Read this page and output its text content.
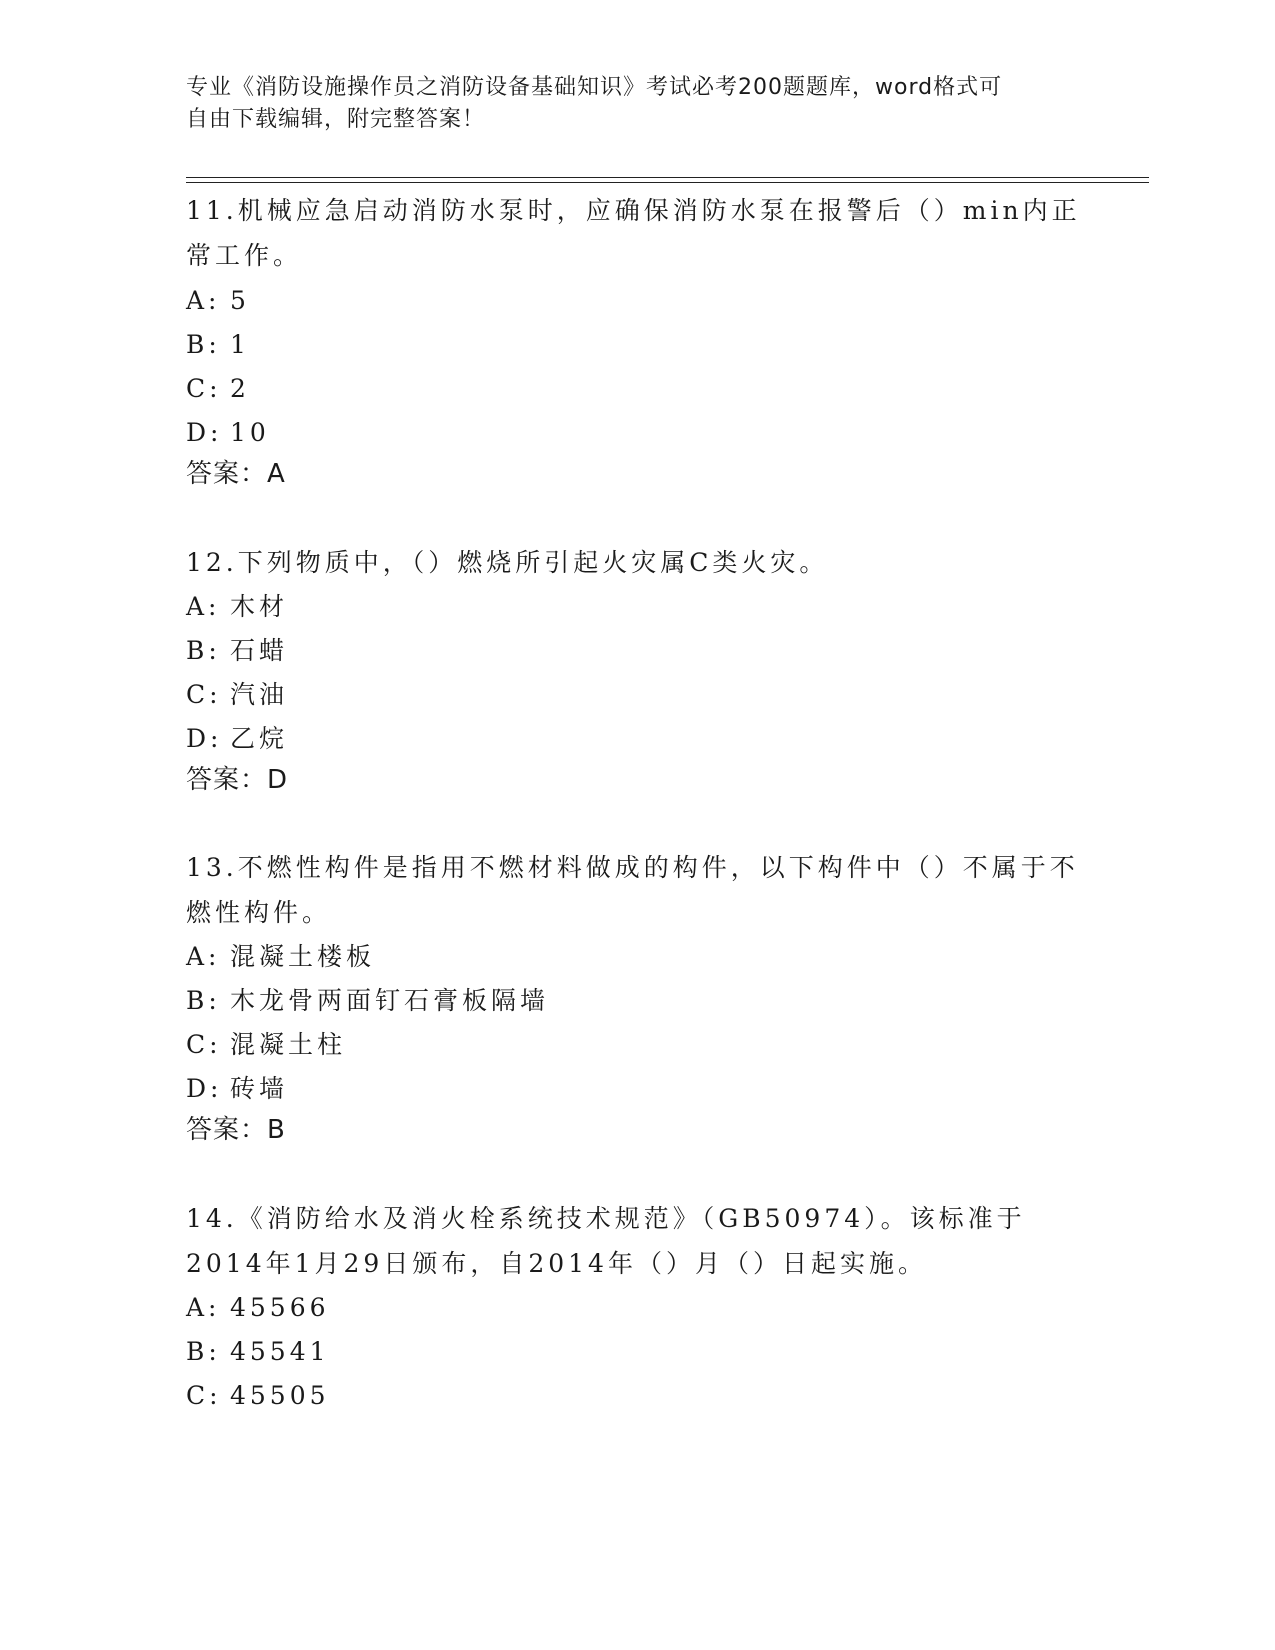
专业《消防设施操作员之消防设备基础知识》考试必考200题题库，word格式可
自由下载编辑，附完整答案！
11.机械应急启动消防水泵时，应确保消防水泵在报警后（）min内正常工作。
A: 5
B: 1
C: 2
D: 10
答案：A
12.下列物质中，（）燃烧所引起火灾属C类火灾。
A: 木材
B: 石蜡
C: 汽油
D: 乙烷
答案：D
13.不燃性构件是指用不燃材料做成的构件，以下构件中（）不属于不燃性构件。
A: 混凝土楼板
B: 木龙骨两面钉石膏板隔墙
C: 混凝土柱
D: 砖墙
答案：B
14.《消防给水及消火栓系统技术规范》（GB50974）。该标准于2014年1月29日颁布，自2014年（）月（）日起实施。
A: 45566
B: 45541
C: 45505
